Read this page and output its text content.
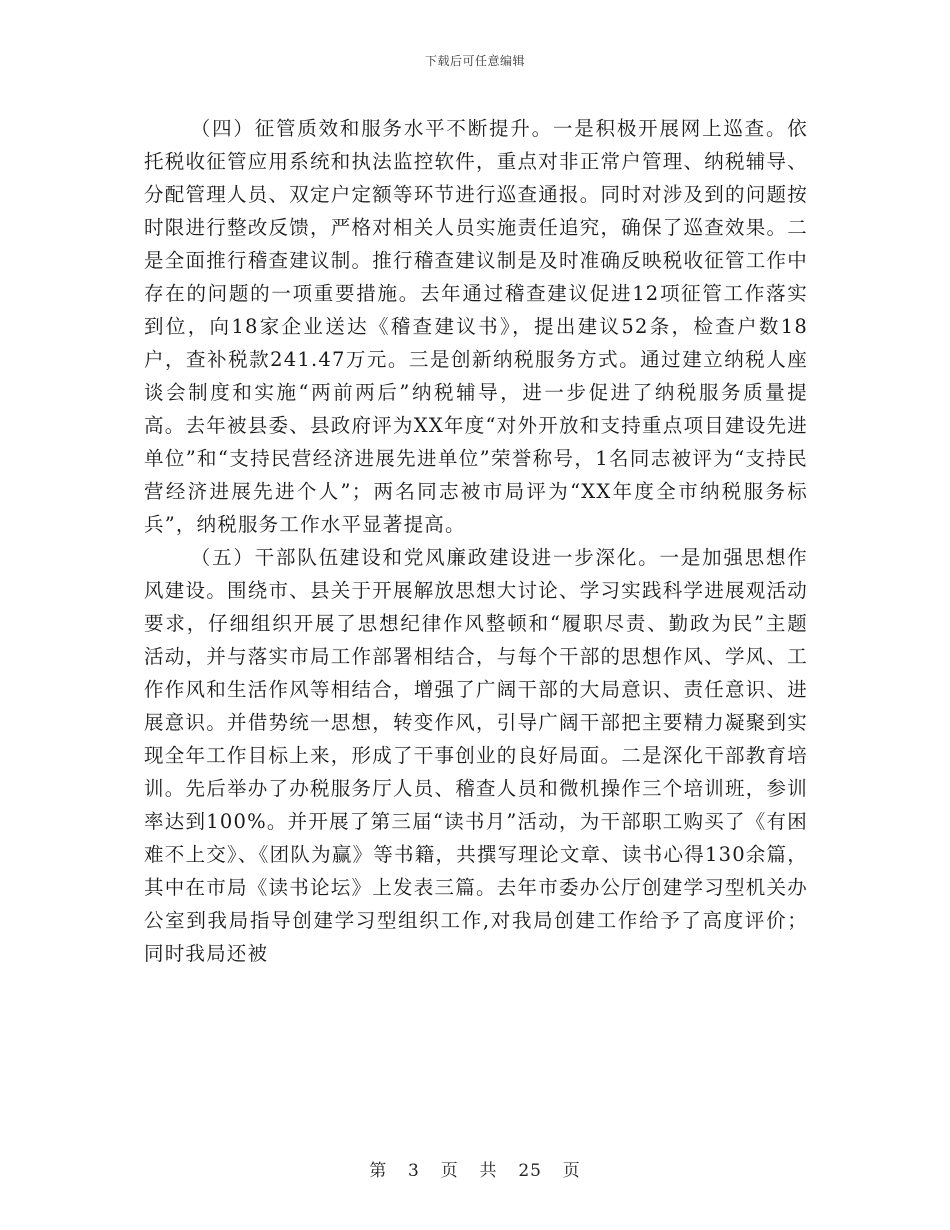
下载后可任意编辑

（四）征管质效和服务水平不断提升。一是积极开展网上巡查。依托税收征管应用系统和执法监控软件，重点对非正常户管理、纳税辅导、分配管理人员、双定户定额等环节进行巡查通报。同时对涉及到的问题按时限进行整改反馈，严格对相关人员实施责任追究，确保了巡查效果。二是全面推行稽查建议制。推行稽查建议制是及时准确反映税收征管工作中存在的问题的一项重要措施。去年通过稽查建议促进12项征管工作落实到位，向18家企业送达《稽查建议书》，提出建议52条，检查户数18户，查补税款241.47万元。三是创新纳税服务方式。通过建立纳税人座谈会制度和实施“两前两后”纳税辅导，进一步促进了纳税服务质量提高。去年被县委、县政府评为XX年度“对外开放和支持重点项目建设先进单位”和“支持民营经济进展先进单位”荣誉称号，1名同志被评为“支持民营经济进展先进个人”；两名同志被市局评为“XX年度全市纳税服务标兵”，纳税服务工作水平显著提高。

（五）干部队伍建设和党风廉政建设进一步深化。一是加强思想作风建设。围绕市、县关于开展解放思想大讨论、学习实践科学进展观活动要求，仔细组织开展了思想纪律作风整顿和“履职尽责、勤政为民”主题活动，并与落实市局工作部署相结合，与每个干部的思想作风、学风、工作作风和生活作风等相结合，增强了广阔干部的大局意识、责任意识、进展意识。并借势统一思想，转变作风，引导广阔干部把主要精力凝聚到实现全年工作目标上来，形成了干事创业的良好局面。二是深化干部教育培训。先后举办了办税服务厅人员、稽查人员和微机操作三个培训班，参训率达到100%。并开展了第三届“读书月”活动，为干部职工购买了《有困难不上交》、《团队为赢》等书籍，共撰写理论文章、读书心得130余篇，其中在市局《读书论坛》上发表三篇。去年市委办公厅创建学习型机关办公室到我局指导创建学习型组织工作,对我局创建工作给予了高度评价；同时我局还被

第 3 页 共 25 页
